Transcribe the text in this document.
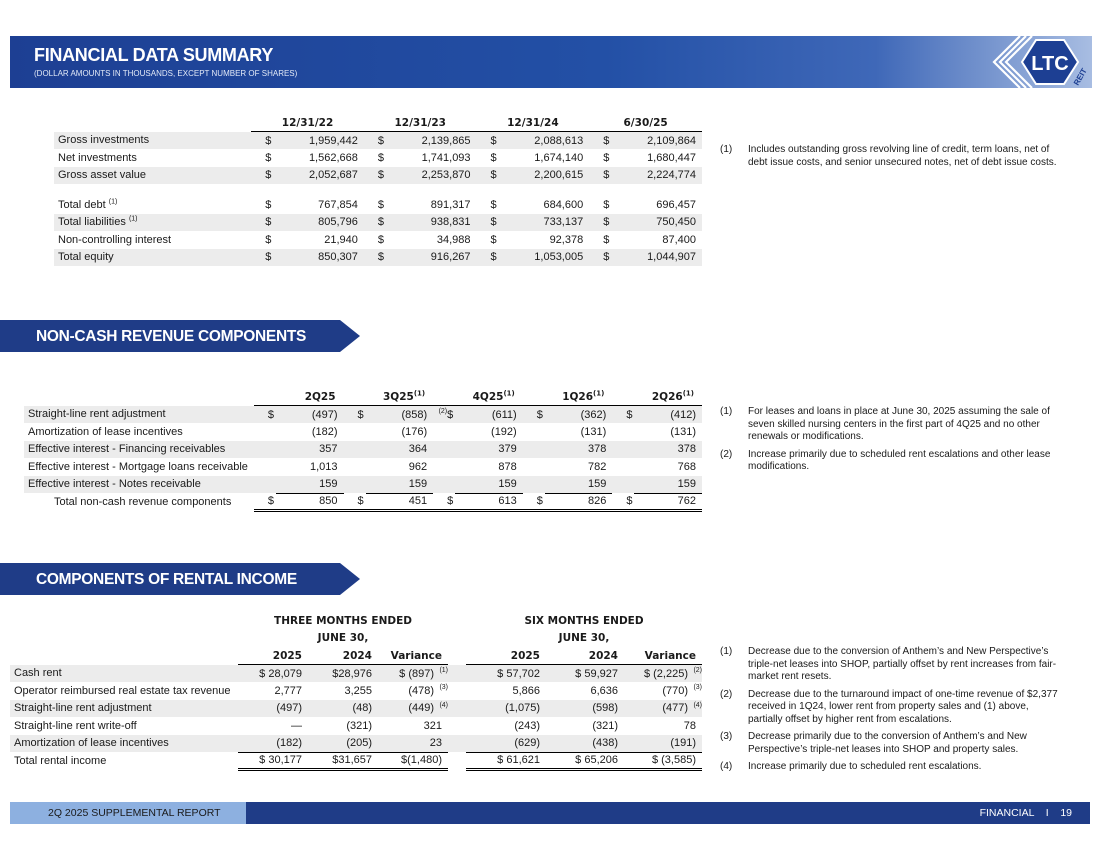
FINANCIAL DATA SUMMARY
(DOLLAR AMOUNTS IN THOUSANDS, EXCEPT NUMBER OF SHARES)	LTC
REIT
	12/31/22		12/31/23		12/31/24		6/30/25	
Gross investments	$	1,959,442	$	2,139,865	$	2,088,613	$	2,109,864
Net investments	$	1,562,668	$	1,741,093	$	1,674,140	$	1,680,447
Gross asset value	$	2,052,687	$	2,253,870	$	2,200,615	$	2,224,774

Total debt $^{(1)}$	$	767,854	$	891,317	$	684,600	$	696,457
Total liabilities $^{(1)}$	$	805,796	$	938,831	$	733,137	$	750,450
Non-controlling interest	$	21,940	$	34,988	$	92,378	$	87,400
Total equity	$	850,307	$	916,267	$	1,053,005	$	1,044,907
(1)	Includes outstanding gross revolving line of credit, term loans, net of debt issue costs, and senior unsecured notes, net of debt issue costs.
NON-CASH REVENUE COMPONENTS
	2Q25		3Q25$^{(1)}$		4Q25$^{(1)}$		1Q26$^{(1)}$		2Q26$^{(1)}$
Straight-line rent adjustment	$	(497)	$	(858)	$	(611)	$	(362)	$	(412)
Amortization of lease incentives		(182)		(176)		(192)		(131)		(131)
Effective interest - Financing receivables		357		364		379		378		378
Effective interest - Mortgage loans receivable		1,013		962		878		782		768
Effective interest - Notes receivable		159		159		159		159		159
Total non-cash revenue components	$	850	$	451	$	613	$	826	$	762
(1)	For leases and loans in place at June 30, 2025 assuming the sale of seven skilled nursing centers in the first part of 4Q25 and no other renewals or modifications.
(2)	Increase primarily due to scheduled rent escalations and other lease modifications.
COMPONENTS OF RENTAL INCOME
	THREE MONTHS ENDED				SIX MONTHS ENDED		
	JUNE 30,				JUNE 30,		
	2025	2024	Variance		2025	2024	Variance
Cash rent	$ 28,079	$28,976	$ (897) (1)		$ 57,702	$ 59,927	$ (2,225) (2)

Operator reimbursed real estate tax revenue	2,777	3,255	(478) (3)		5,866	6,636	(770) (3)

Straight-line rent adjustment	(497)	(48)	(449) (4)		(1,075)	(598)	(477) (4)

Straight-line rent write-off	—	(321)	321		(243)	(321)	78
Amortization of lease incentives	(182)	(205)	23		(629)	(438)	(191)
Total rental income	$ 30,177	$31,657	$(1,480)		$ 61,621	$ 65,206	$ (3,585)
(1)	Decrease due to the conversion of Anthem’s and New Perspective’s triple-net leases into SHOP, partially offset by rent increases from fair-market rent resets.
(2)	Decrease due to the turnaround impact of one-time revenue of $2,377 received in 1Q24, lower rent from property sales and (1) above, partially offset by higher rent from escalations.
(3)	Decrease primarily due to the conversion of Anthem’s and New Perspective’s triple-net leases into SHOP and property sales.
(4)	Increase primarily due to scheduled rent escalations.
2Q 2025 SUPPLEMENTAL REPORT	FINANCIAL I 19
